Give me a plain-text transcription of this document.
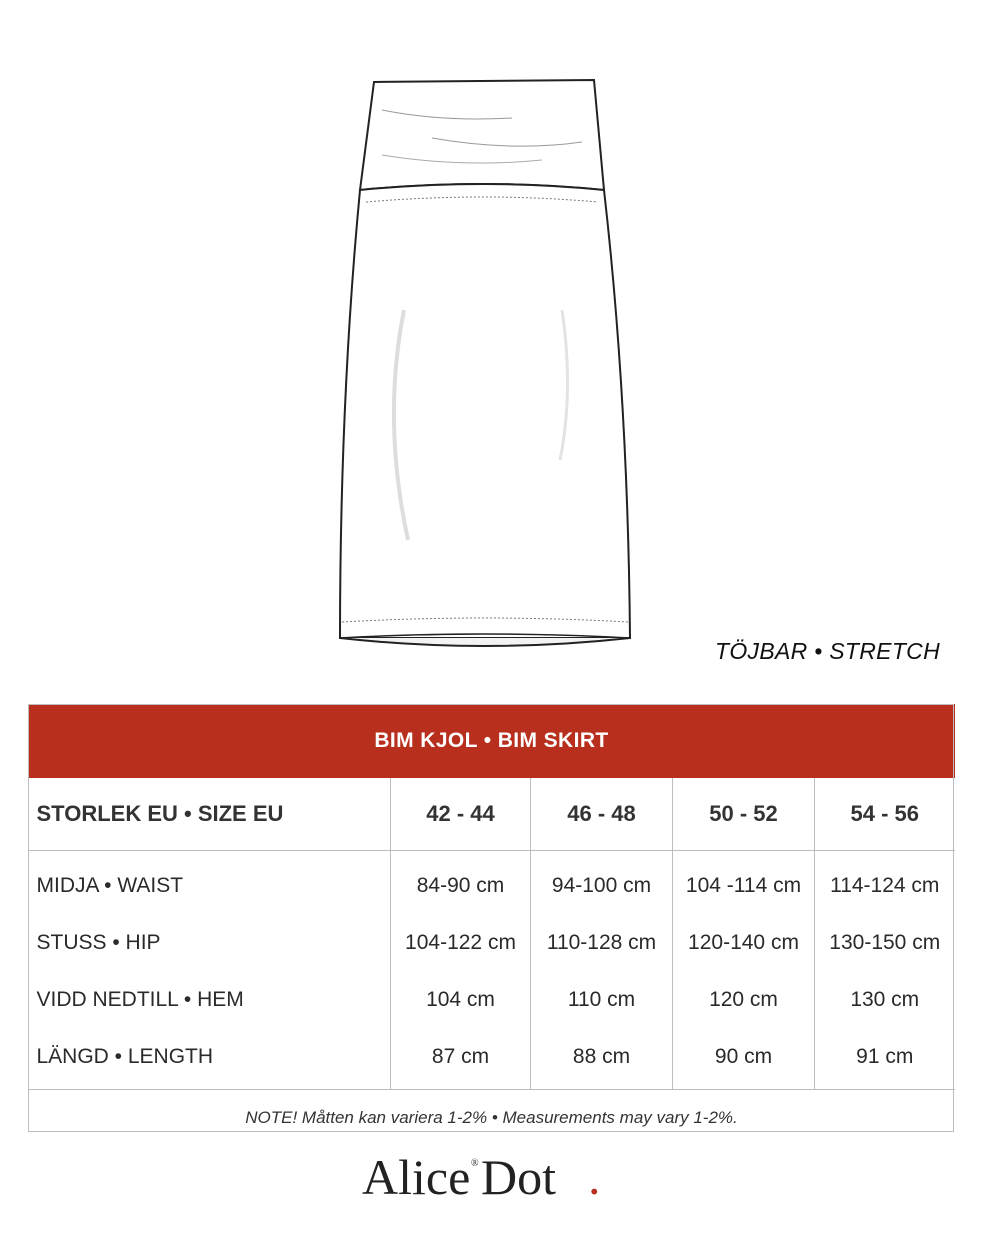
TÖJBAR • STRETCH
BIM KJOL • BIM SKIRT				
STORLEK EU • SIZE EU	42 - 44	46 - 48	50 - 52	54 - 56
MIDJA • WAIST	84-90 cm	94-100 cm	104 -114 cm	114-124 cm
STUSS • HIP	104-122 cm	110-128 cm	120-140 cm	130-150 cm
VIDD NEDTILL • HEM	104 cm	110 cm	120 cm	130 cm
LÄNGD • LENGTH	87 cm	88 cm	90 cm	91 cm
NOTE! Måtten kan variera 1-2% • Measurements may vary 1-2%.				
Alice ® Dot .
